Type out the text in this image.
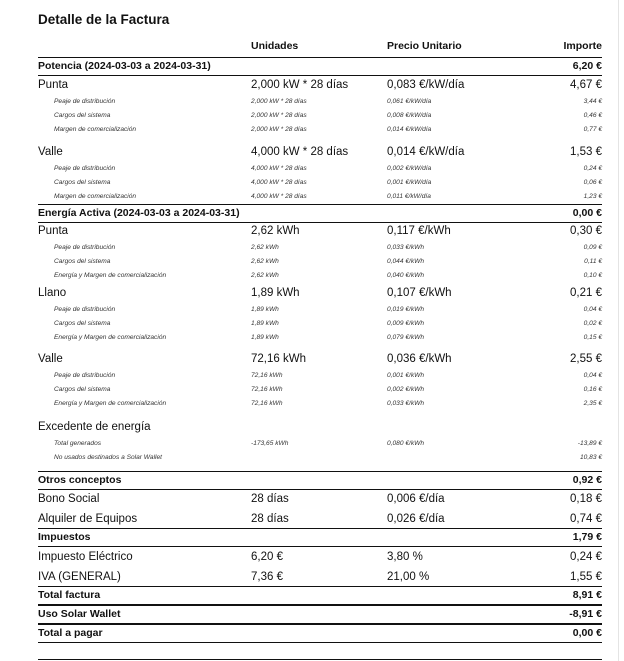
Detalle de la Factura
Unidades	Precio Unitario	Importe
Potencia (2024-03-03 a 2024-03-31)	6,20 €
Punta	2,000 kW * 28 días	0,083 €/kW/día	4,67 €
Peaje de distribución	2,000 kW * 28 días	0,061 €/kW/día	3,44 €
Cargos del sistema	2,000 kW * 28 días	0,008 €/kW/día	0,46 €
Margen de comercialización	2,000 kW * 28 días	0,014 €/kW/día	0,77 €
Valle	4,000 kW * 28 días	0,014 €/kW/día	1,53 €
Peaje de distribución	4,000 kW * 28 días	0,002 €/kW/día	0,24 €
Cargos del sistema	4,000 kW * 28 días	0,001 €/kW/día	0,06 €
Margen de comercialización	4,000 kW * 28 días	0,011 €/kW/día	1,23 €
Energía Activa (2024-03-03 a 2024-03-31)	0,00 €
Punta	2,62 kWh	0,117 €/kWh	0,30 €
Peaje de distribución	2,62 kWh	0,033 €/kWh	0,09 €
Cargos del sistema	2,62 kWh	0,044 €/kWh	0,11 €
Energía y Margen de comercialización	2,62 kWh	0,040 €/kWh	0,10 €
Llano	1,89 kWh	0,107 €/kWh	0,21 €
Peaje de distribución	1,89 kWh	0,019 €/kWh	0,04 €
Cargos del sistema	1,89 kWh	0,009 €/kWh	0,02 €
Energía y Margen de comercialización	1,89 kWh	0,079 €/kWh	0,15 €
Valle	72,16 kWh	0,036 €/kWh	2,55 €
Peaje de distribución	72,16 kWh	0,001 €/kWh	0,04 €
Cargos del sistema	72,16 kWh	0,002 €/kWh	0,16 €
Energía y Margen de comercialización	72,16 kWh	0,033 €/kWh	2,35 €
Excedente de energía
Total generados	-173,65 kWh	0,080 €/kWh	-13,89 €
No usados destinados a Solar Wallet	10,83 €
Otros conceptos	0,92 €
Bono Social	28 días	0,006 €/día	0,18 €
Alquiler de Equipos	28 días	0,026 €/día	0,74 €
Impuestos	1,79 €
Impuesto Eléctrico	6,20 €	3,80 %	0,24 €
IVA (GENERAL)	7,36 €	21,00 %	1,55 €
Total factura	8,91 €
Uso Solar Wallet	-8,91 €
Total a pagar	0,00 €
